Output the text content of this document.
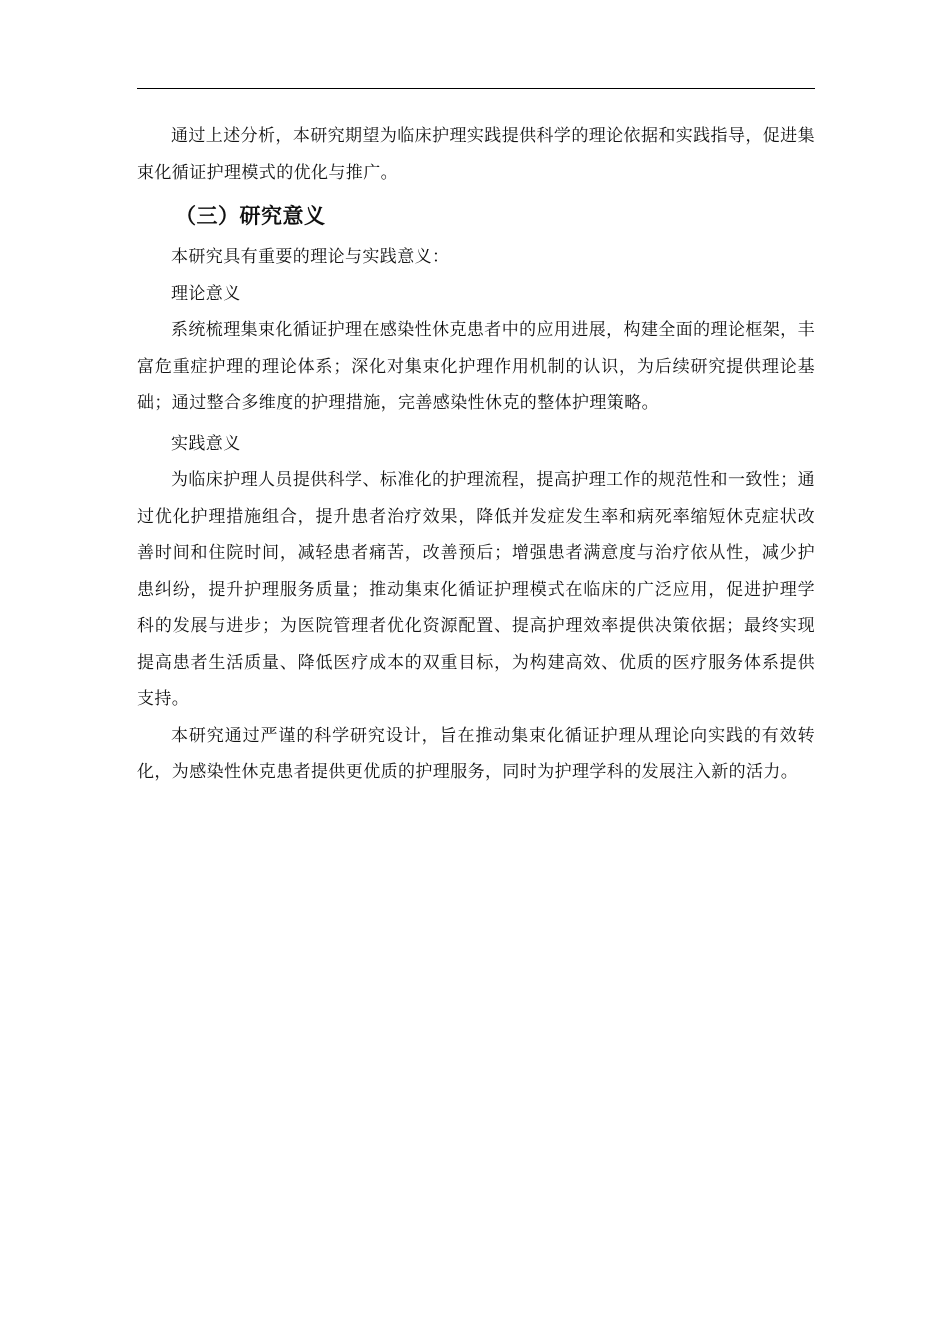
通过上述分析，本研究期望为临床护理实践提供科学的理论依据和实践指导，促进集束化循证护理模式的优化与推广。

（三）研究意义

本研究具有重要的理论与实践意义：

理论意义

系统梳理集束化循证护理在感染性休克患者中的应用进展，构建全面的理论框架，丰富危重症护理的理论体系；深化对集束化护理作用机制的认识，为后续研究提供理论基础；通过整合多维度的护理措施，完善感染性休克的整体护理策略。

实践意义

为临床护理人员提供科学、标准化的护理流程，提高护理工作的规范性和一致性；通过优化护理措施组合，提升患者治疗效果，降低并发症发生率和病死率缩短休克症状改善时间和住院时间，减轻患者痛苦，改善预后；增强患者满意度与治疗依从性，减少护患纠纷，提升护理服务质量；推动集束化循证护理模式在临床的广泛应用，促进护理学科的发展与进步；为医院管理者优化资源配置、提高护理效率提供决策依据；最终实现提高患者生活质量、降低医疗成本的双重目标，为构建高效、优质的医疗服务体系提供支持。

本研究通过严谨的科学研究设计，旨在推动集束化循证护理从理论向实践的有效转化，为感染性休克患者提供更优质的护理服务，同时为护理学科的发展注入新的活力。
